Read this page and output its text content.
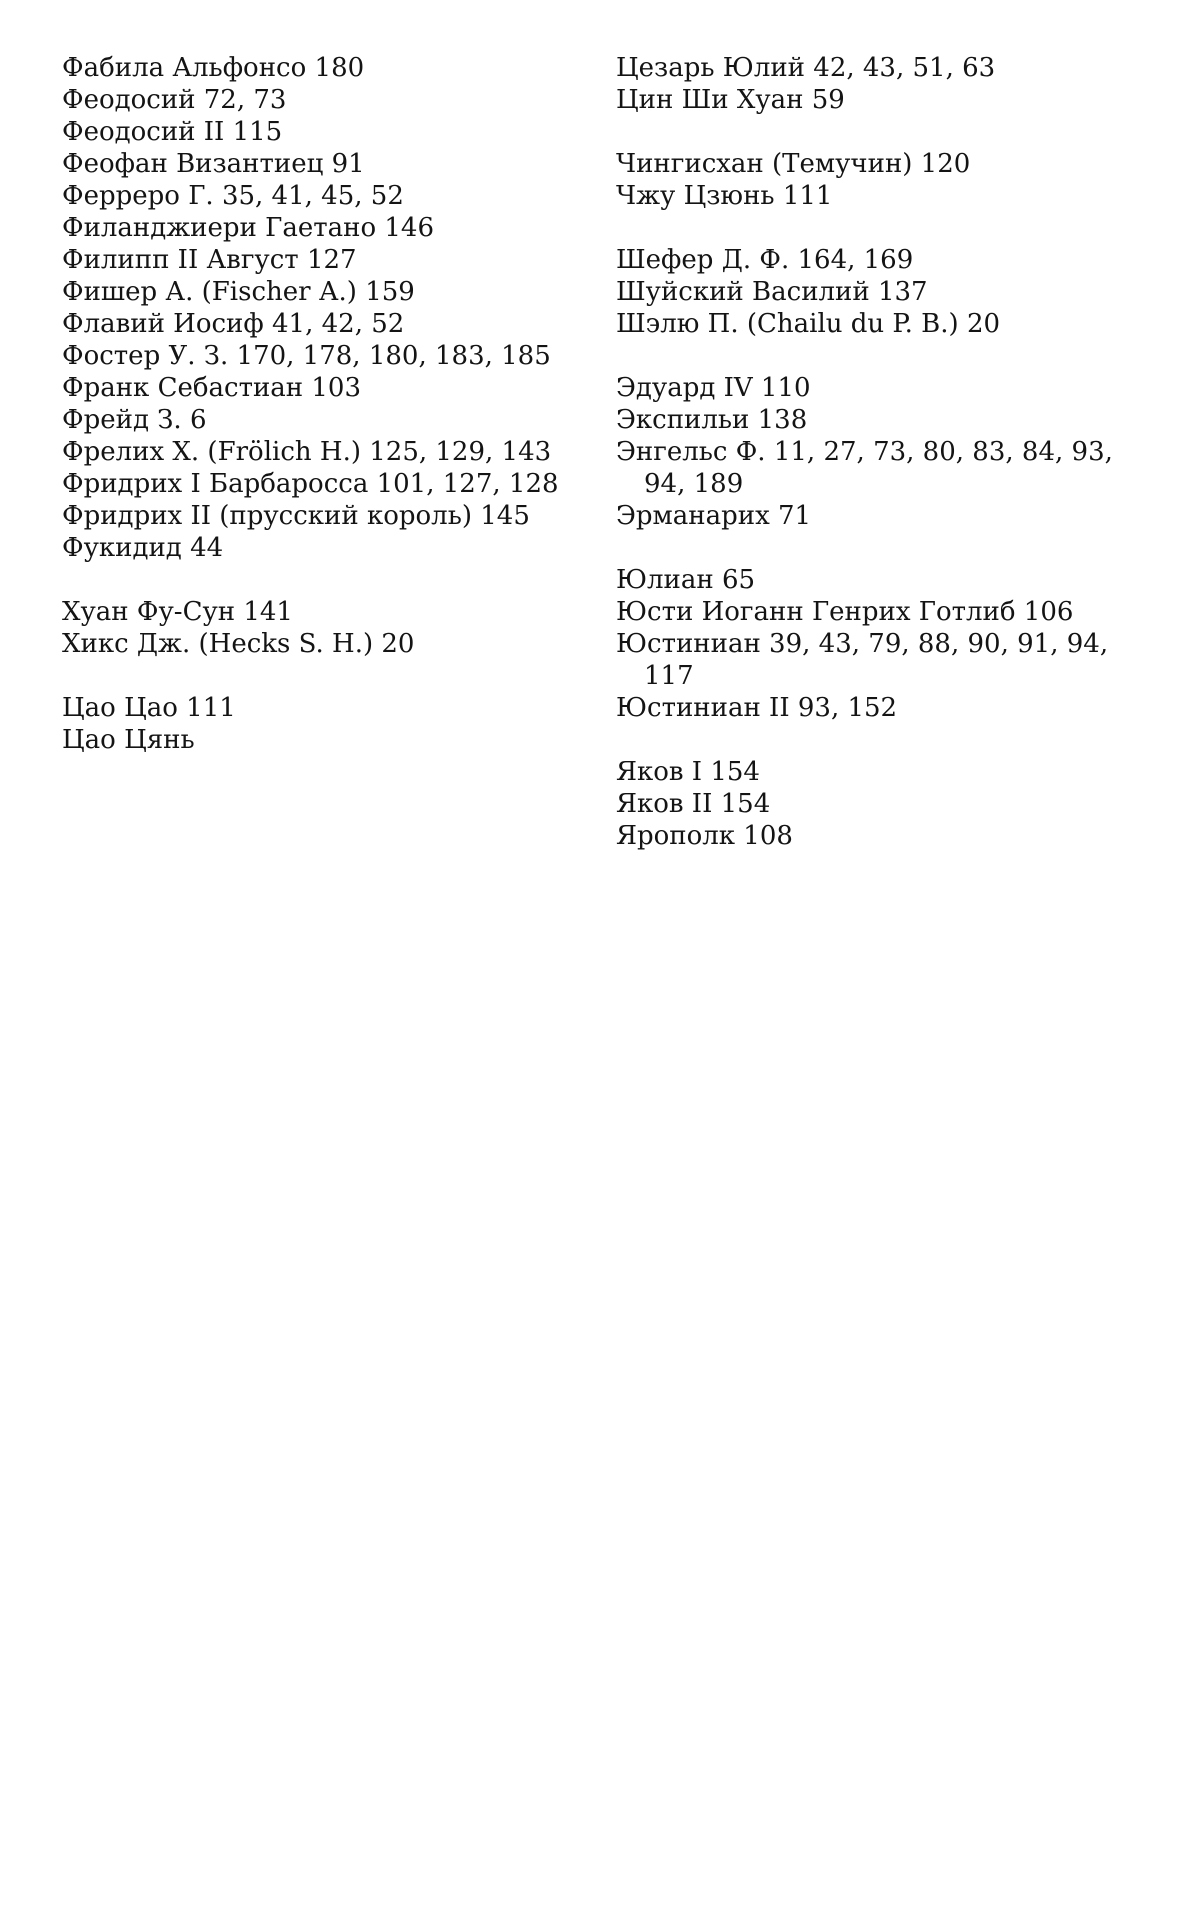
Фабила Альфонсо 180
Феодосий 72, 73
Феодосий II 115
Феофан Византиец 91
Ферреро Г. 35, 41, 45, 52
Филанджиери Гаетано 146
Филипп II Август 127
Фишер А. (Fischer А.) 159
Флавий Иосиф 41, 42, 52
Фостер У. З. 170, 178, 180, 183, 185
Франк Себастиан 103
Фрейд З. 6
Фрелих Х. (Frölich Н.) 125, 129, 143
Фридрих I Барбаросса 101, 127, 128
Фридрих II (прусский король) 145
Фукидид 44
Хуан Фу-Сун 141
Хикс Дж. (Hecks S. H.) 20
Цао Цао 111
Цао Цянь
Цезарь Юлий 42, 43, 51, 63
Цин Ши Хуан 59
Чингисхан (Темучин) 120
Чжу Цзюнь 111
Шефер Д. Ф. 164, 169
Шуйский Василий 137
Шэлю П. (Chailu du P. B.) 20
Эдуард IV 110
Экспильи 138
Энгельс Ф. 11, 27, 73, 80, 83, 84, 93, 94, 189
Эрманарих 71
Юлиан 65
Юсти Иоганн Генрих Готлиб 106
Юстиниан 39, 43, 79, 88, 90, 91, 94, 117
Юстиниан II 93, 152
Яков I 154
Яков II 154
Ярополк 108
